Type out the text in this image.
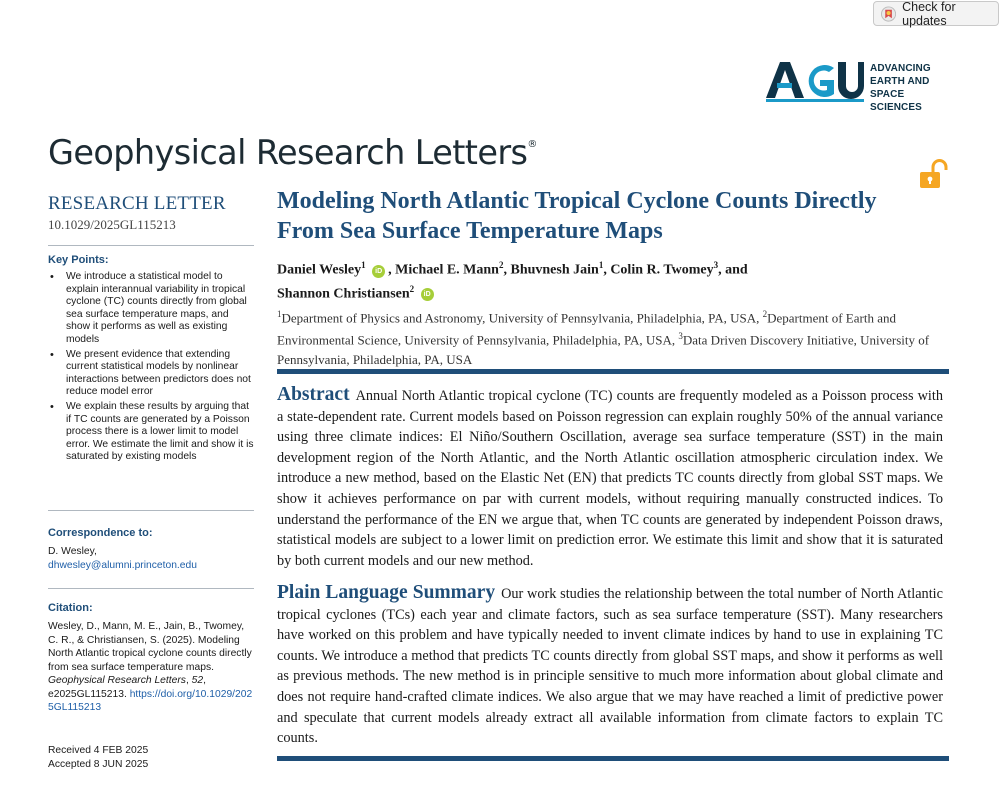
Check for updates
ADVANCING
EARTH AND
SPACE SCIENCES
Geophysical Research Letters®
RESEARCH LETTER
10.1029/2025GL115213
Key Points:
• We introduce a statistical model to explain interannual variability in tropical cyclone (TC) counts directly from global sea surface temperature maps, and show it performs as well as existing models
• We present evidence that extending current statistical models by nonlinear interactions between predictors does not reduce model error
• We explain these results by arguing that if TC counts are generated by a Poisson process there is a lower limit to model error. We estimate the limit and show it is saturated by existing models
Correspondence to:
D. Wesley,
dhwesley@alumni.princeton.edu
Citation:
Wesley, D., Mann, M. E., Jain, B., Twomey, C. R., & Christiansen, S. (2025). Modeling North Atlantic tropical cyclone counts directly from sea surface temperature maps. Geophysical Research Letters, 52, e2025GL115213. https://doi.org/10.1029/2025GL115213
Received 4 FEB 2025
Accepted 8 JUN 2025
Modeling North Atlantic Tropical Cyclone Counts Directly From Sea Surface Temperature Maps
Daniel Wesley$^1$ iD , Michael E. Mann$^2$, Bhuvnesh Jain$^1$, Colin R. Twomey$^3$, and
Shannon Christiansen$^2$ iD
$^1$Department of Physics and Astronomy, University of Pennsylvania, Philadelphia, PA, USA, $^2$Department of Earth and Environmental Science, University of Pennsylvania, Philadelphia, PA, USA, $^3$Data Driven Discovery Initiative, University of Pennsylvania, Philadelphia, PA, USA

Abstract Annual North Atlantic tropical cyclone (TC) counts are frequently modeled as a Poisson process with a state-dependent rate. Current models based on Poisson regression can explain roughly 50% of the annual variance using three climate indices: El Niño/Southern Oscillation, average sea surface temperature (SST) in the main development region of the North Atlantic, and the North Atlantic oscillation atmospheric circulation index. We introduce a new method, based on the Elastic Net (EN) that predicts TC counts directly from global SST maps. We show it achieves performance on par with current models, without requiring manually constructed indices. To understand the performance of the EN we argue that, when TC counts are generated by independent Poisson draws, statistical models are subject to a lower limit on prediction error. We estimate this limit and show that it is saturated by both current models and our new method.

Plain Language Summary Our work studies the relationship between the total number of North Atlantic tropical cyclones (TCs) each year and climate factors, such as sea surface temperature (SST). Many researchers have worked on this problem and have typically needed to invent climate indices by hand to use in explaining TC counts. We introduce a method that predicts TC counts directly from global SST maps, and show it performs as well as previous methods. The new method is in principle sensitive to much more information about global climate and does not require hand-crafted climate indices. We also argue that we may have reached a limit of predictive power and speculate that current models already extract all available information from climate factors to explain TC counts.
